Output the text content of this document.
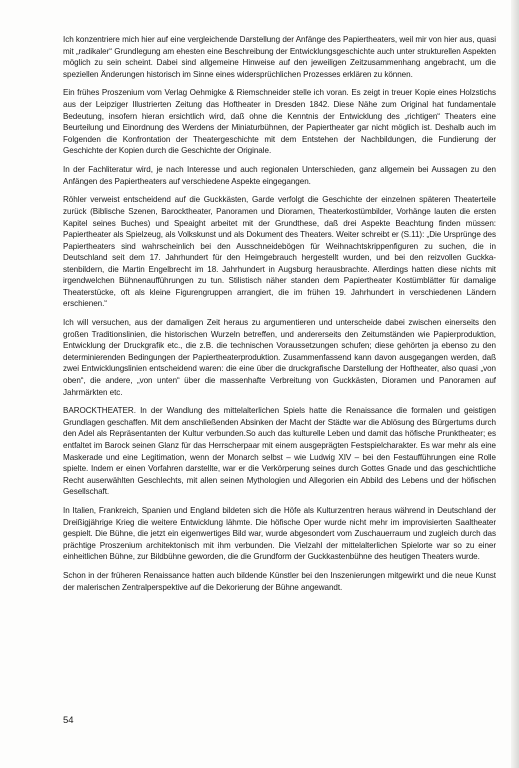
Ich konzentriere mich hier auf eine vergleichende Darstellung der Anfänge des Papiertheaters, weil mir von hier aus, quasi mit „radikaler“ Grundlegung am ehesten eine Beschreibung der Entwicklungsgeschichte auch unter strukturellen Aspekten möglich zu sein scheint. Dabei sind allgemeine Hinweise auf den jeweiligen Zeitzusammenhang angebracht, um die speziellen Änderungen historisch im Sinne eines widersprüchlichen Prozesses erklären zu können.

Ein frühes Proszenium vom Verlag Oehmigke & Riemschneider stelle ich voran. Es zeigt in treuer Kopie eines Holzstichs aus der Leipziger Illustrierten Zeitung das Hoftheater in Dresden 1842. Diese Nähe zum Original hat fundamentale Bedeutung, insofern hieran ersichtlich wird, daß ohne die Kenntnis der Entwicklung des „richtigen“ Theaters eine Beurteilung und Einordnung des Werdens der Miniaturbühnen, der Papiertheater gar nicht möglich ist. Deshalb auch im Folgenden die Konfrontation der Theatergeschichte mit dem Entstehen der Nachbildungen, die Fundierung der Geschichte der Kopien durch die Geschichte der Originale.

In der Fachliteratur wird, je nach Interesse und auch regionalen Unterschieden, ganz allgemein bei Aussagen zu den Anfängen des Papiertheaters auf verschiedene Aspekte eingegangen.

Röhler verweist entscheidend auf die Guckkästen, Garde verfolgt die Geschichte der einzelnen späteren Theaterteile zurück (Biblische Szenen, Barocktheater, Panoramen und Dioramen, Theaterkostümbilder, Vorhänge lauten die ersten Kapitel seines Buches) und Speaight arbeitet mit der Grundthese, daß drei Aspekte Beachtung finden müssen: Papiertheater als Spielzeug, als Volkskunst und als Dokument des Theaters. Weiter schreibt er (S.11): „Die Ursprünge des Papiertheaters sind wahrscheinlich bei den Ausschneidebögen für Weihnachtskrippenfiguren zu suchen, die in Deutschland seit dem 17. Jahrhundert für den Heimgebrauch hergestellt wurden, und bei den reizvollen Guckkastenbildern, die Martin Engelbrecht im 18. Jahrhundert in Augsburg herausbrachte. Allerdings hatten diese nichts mit irgendwelchen Bühnenaufführungen zu tun. Stilistisch näher standen dem Papiertheater Kostümblätter für damalige Theaterstücke, oft als kleine Figurengruppen arrangiert, die im frühen 19. Jahrhundert in verschiedenen Ländern erschienen.“

Ich will versuchen, aus der damaligen Zeit heraus zu argumentieren und unterscheide dabei zwischen einerseits den großen Traditionslinien, die historischen Wurzeln betreffen, und andererseits den Zeitumständen wie Papierproduktion, Entwicklung der Druckgrafik etc., die z.B. die technischen Voraussetzungen schufen; diese gehörten ja ebenso zu den determinierenden Bedingungen der Papiertheaterproduktion. Zusammenfassend kann davon ausgegangen werden, daß zwei Entwicklungslinien entscheidend waren: die eine über die druckgrafische Darstellung der Hoftheater, also quasi „von oben“, die andere, „von unten“ über die massenhafte Verbreitung von Guckkästen, Dioramen und Panoramen auf Jahrmärkten etc.

BAROCKTHEATER. In der Wandlung des mittelalterlichen Spiels hatte die Renaissance die formalen und geistigen Grundlagen geschaffen. Mit dem anschließenden Absinken der Macht der Städte war die Ablösung des Bürgertums durch den Adel als Repräsentanten der Kultur verbunden.So auch das kulturelle Leben und damit das höfische Prunktheater; es entfaltet im Barock seinen Glanz für das Herrscherpaar mit einem ausgeprägten Festspielcharakter. Es war mehr als eine Maskerade und eine Legitimation, wenn der Monarch selbst – wie Ludwig XIV – bei den Festaufführungen eine Rolle spielte. Indem er einen Vorfahren darstellte, war er die Verkörperung seines durch Gottes Gnade und das geschichtliche Recht auserwählten Geschlechts, mit allen seinen Mythologien und Allegorien ein Abbild des Lebens und der höfischen Gesellschaft.

In Italien, Frankreich, Spanien und England bildeten sich die Höfe als Kulturzentren heraus während in Deutschland der Dreißigjährige Krieg die weitere Entwicklung lähmte. Die höfische Oper wurde nicht mehr im improvisierten Saaltheater gespielt. Die Bühne, die jetzt ein eigenwertiges Bild war, wurde abgesondert vom Zuschauerraum und zugleich durch das prächtige Proszenium architektonisch mit ihm verbunden. Die Vielzahl der mittelalterlichen Spielorte war so zu einer einheitlichen Bühne, zur Bildbühne geworden, die die Grundform der Guckkastenbühne des heutigen Theaters wurde.

Schon in der früheren Renaissance hatten auch bildende Künstler bei den Inszenierungen mitgewirkt und die neue Kunst der malerischen Zentralperspektive auf die Dekorierung der Bühne angewandt.

54
